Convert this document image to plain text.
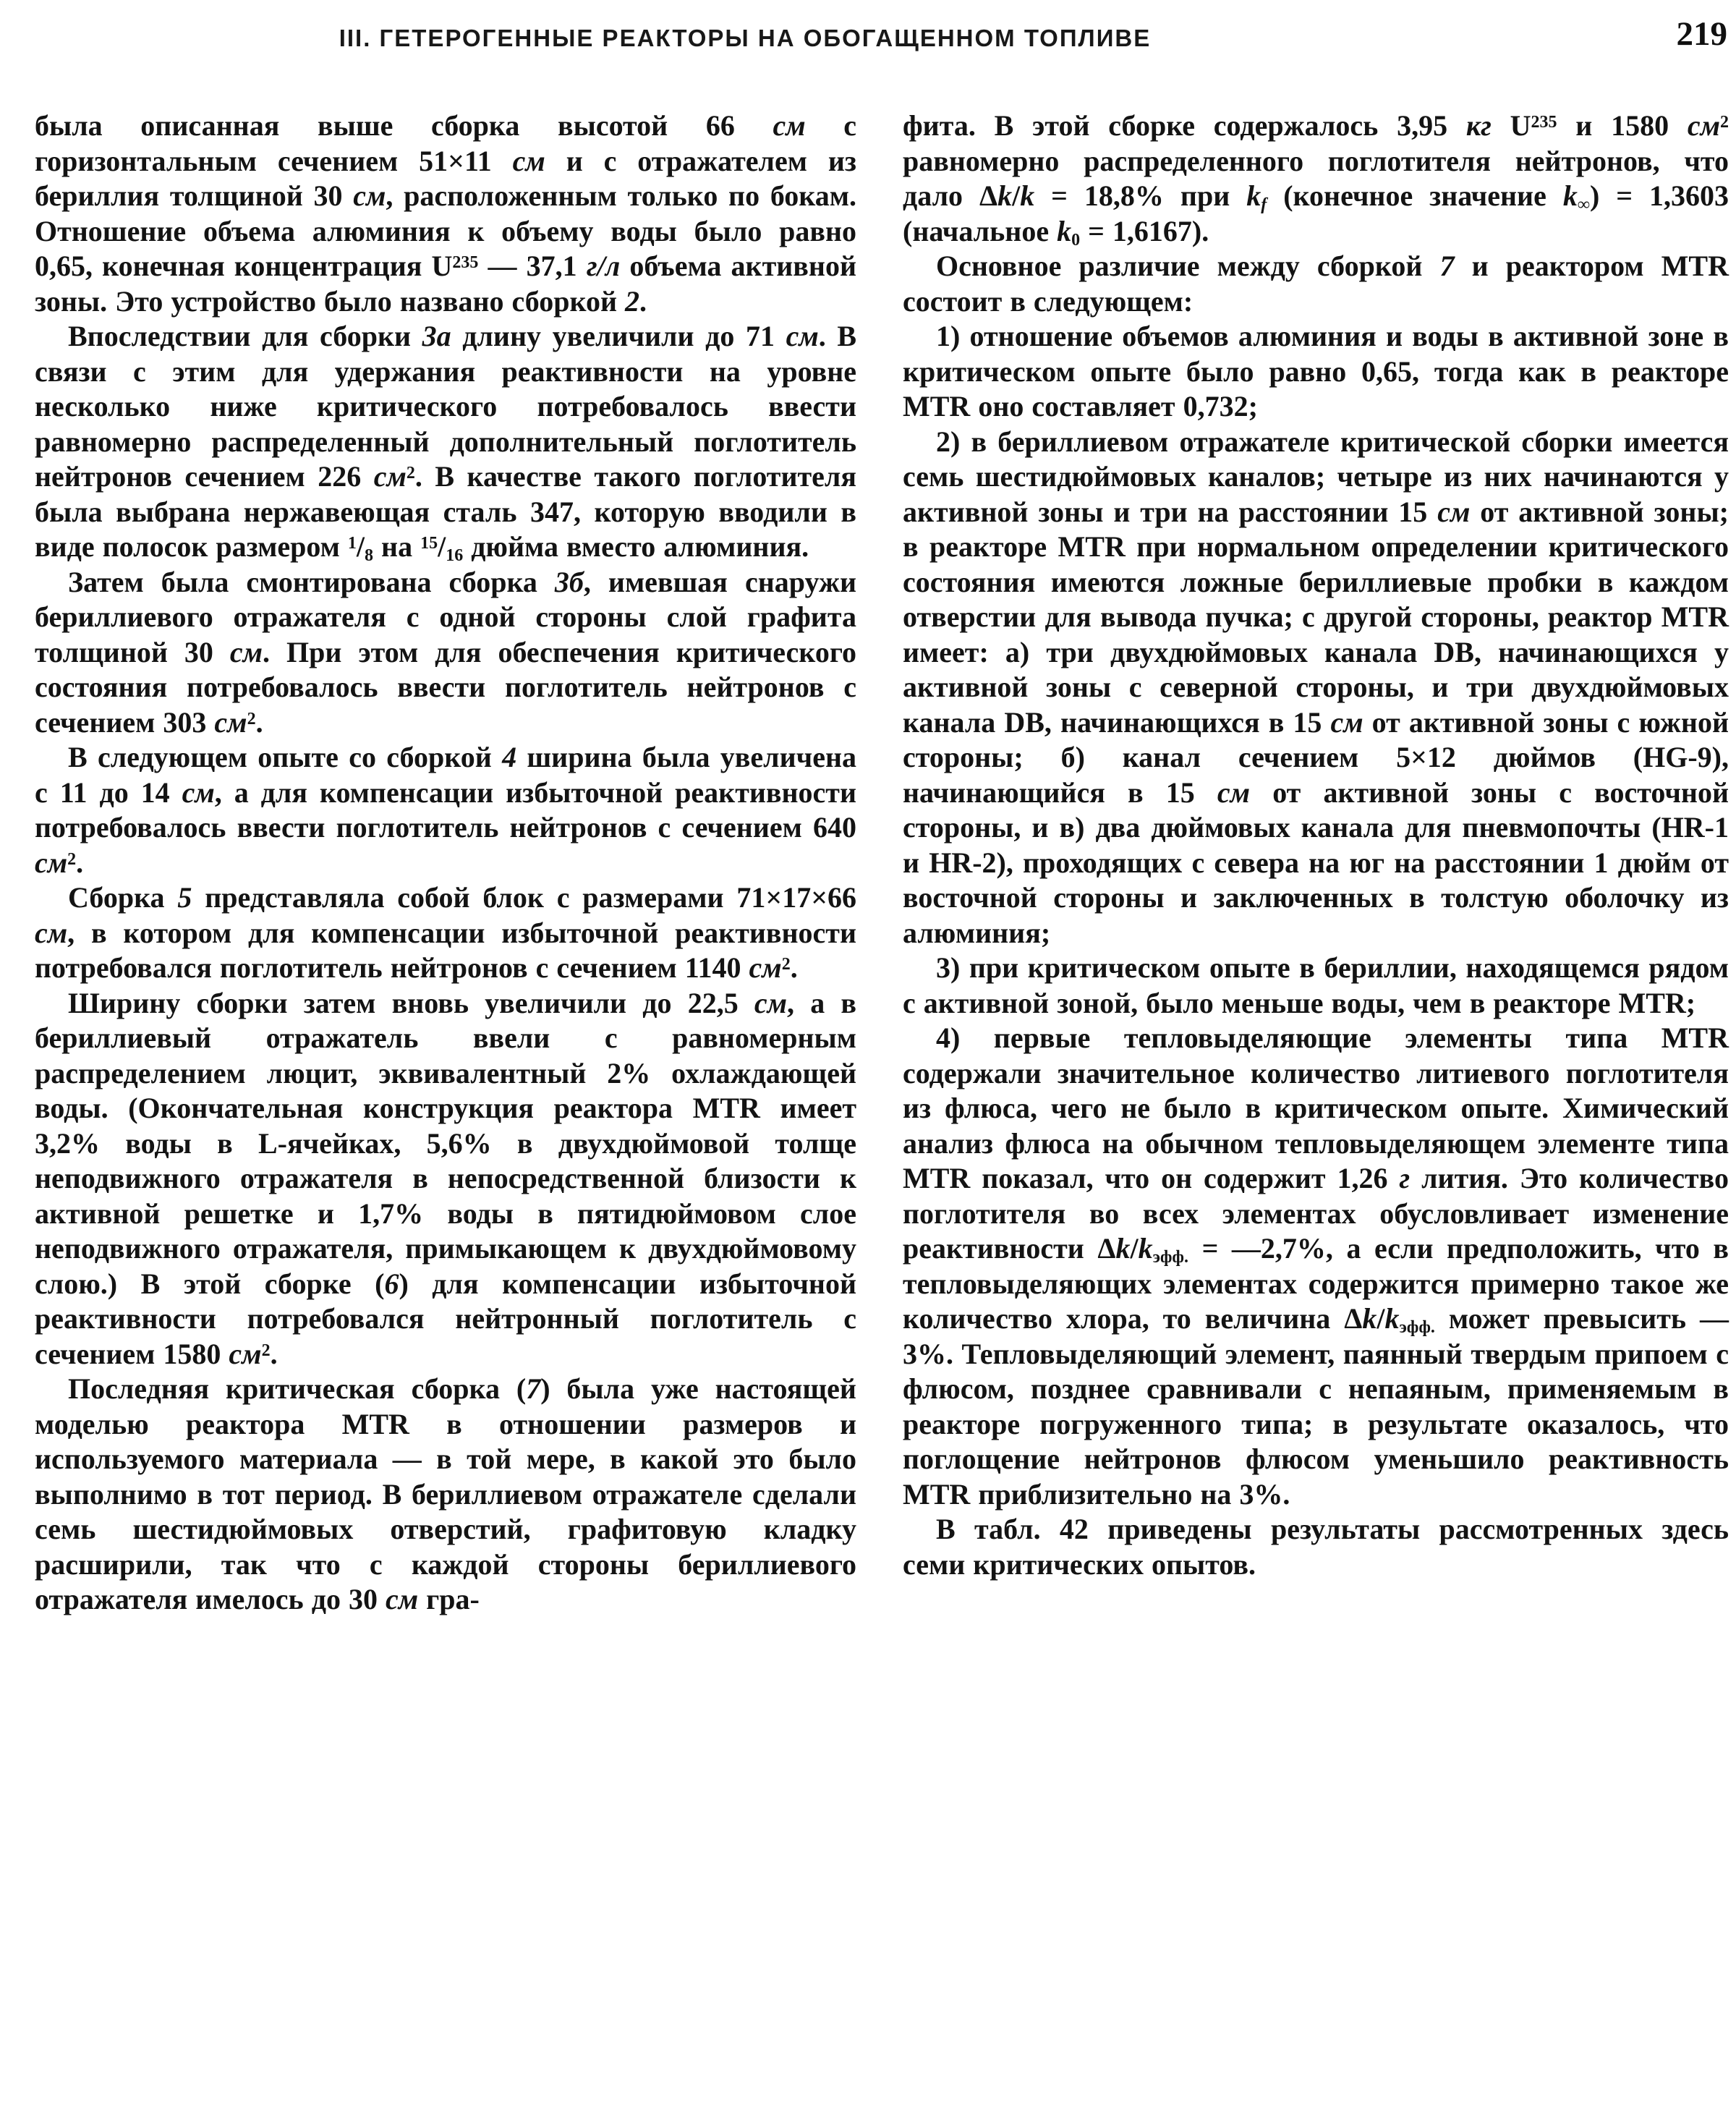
III. ГЕТЕРОГЕННЫЕ РЕАКТОРЫ НА ОБОГАЩЕННОМ ТОПЛИВЕ	219

была описанная выше сборка высотой 66 см с горизонтальным сечением 51×11 см и с отражателем из бериллия толщиной 30 см, расположенным только по бокам. Отношение объема алюминия к объему воды было равно 0,65, конечная концентрация $U^{235}$ — 37,1 г/л объема активной зоны. Это устройство было названо сборкой 2.

Впоследствии для сборки 3а длину увеличили до 71 см. В связи с этим для удержания реактивности на уровне несколько ниже критического потребовалось ввести равномерно распределенный дополнительный поглотитель нейтронов сечением 226 $см^2$. В качестве такого поглотителя была выбрана нержавеющая сталь 347, которую вводили в виде полосок размером $^1$/8 на $^{15}$/16 дюйма вместо алюминия.

Затем была смонтирована сборка 3б, имевшая снаружи бериллиевого отражателя с одной стороны слой графита толщиной 30 см. При этом для обеспечения критического состояния потребовалось ввести поглотитель нейтронов с сечением 303 $см^2$.

В следующем опыте со сборкой 4 ширина была увеличена с 11 до 14 см, а для компенсации избыточной реактивности потребовалось ввести поглотитель нейтронов с сечением 640 $см^2$.

Сборка 5 представляла собой блок с размерами 71×17×66 см, в котором для компенсации избыточной реактивности потребовался поглотитель нейтронов с сечением 1140 $см^2$.

Ширину сборки затем вновь увеличили до 22,5 см, а в бериллиевый отражатель ввели с равномерным распределением люцит, эквивалентный 2% охлаждающей воды. (Окончательная конструкция реактора MTR имеет 3,2% воды в L-ячейках, 5,6% в двухдюймовой толще неподвижного отражателя в непосредственной близости к активной решетке и 1,7% воды в пятидюймовом слое неподвижного отражателя, примыкающем к двухдюймовому слою.) В этой сборке (6) для компенсации избыточной реактивности потребовался нейтронный поглотитель с сечением 1580 $см^2$.

Последняя критическая сборка (7) была уже настоящей моделью реактора MTR в отношении размеров и используемого материала — в той мере, в какой это было выполнимо в тот период. В бериллиевом отражателе сделали семь шестидюймовых отверстий, графитовую кладку расширили, так что с каждой стороны бериллиевого отражателя имелось до 30 см гра-

фита. В этой сборке содержалось 3,95 кг $U^{235}$ и 1580 $см^2$ равномерно распределенного поглотителя нейтронов, что дало Δk/k = 18,8% при kf (конечное значение k∞) = 1,3603 (начальное k0 = 1,6167).

Основное различие между сборкой 7 и реактором MTR состоит в следующем:

1) отношение объемов алюминия и воды в активной зоне в критическом опыте было равно 0,65, тогда как в реакторе MTR оно составляет 0,732;

2) в бериллиевом отражателе критической сборки имеется семь шестидюймовых каналов; четыре из них начинаются у активной зоны и три на расстоянии 15 см от активной зоны; в реакторе MTR при нормальном определении критического состояния имеются ложные бериллиевые пробки в каждом отверстии для вывода пучка; с другой стороны, реактор MTR имеет: а) три двухдюймовых канала DB, начинающихся у активной зоны с северной стороны, и три двухдюймовых канала DB, начинающихся в 15 см от активной зоны с южной стороны; б) канал сечением 5×12 дюймов (HG-9), начинающийся в 15 см от активной зоны с восточной стороны, и в) два дюймовых канала для пневмопочты (HR-1 и HR-2), проходящих с севера на юг на расстоянии 1 дюйм от восточной стороны и заключенных в толстую оболочку из алюминия;

3) при критическом опыте в бериллии, находящемся рядом с активной зоной, было меньше воды, чем в реакторе MTR;

4) первые тепловыделяющие элементы типа MTR содержали значительное количество литиевого поглотителя из флюса, чего не было в критическом опыте. Химический анализ флюса на обычном тепловыделяющем элементе типа MTR показал, что он содержит 1,26 г лития. Это количество поглотителя во всех элементах обусловливает изменение реактивности Δk/kэфф. = —2,7%, а если предположить, что в тепловыделяющих элементах содержится примерно такое же количество хлора, то величина Δk/kэфф. может превысить —3%. Тепловыделяющий элемент, паянный твердым припоем с флюсом, позднее сравнивали с непаяным, применяемым в реакторе погруженного типа; в результате оказалось, что поглощение нейтронов флюсом уменьшило реактивность MTR приблизительно на 3%.

В табл. 42 приведены результаты рассмотренных здесь семи критических опытов.
